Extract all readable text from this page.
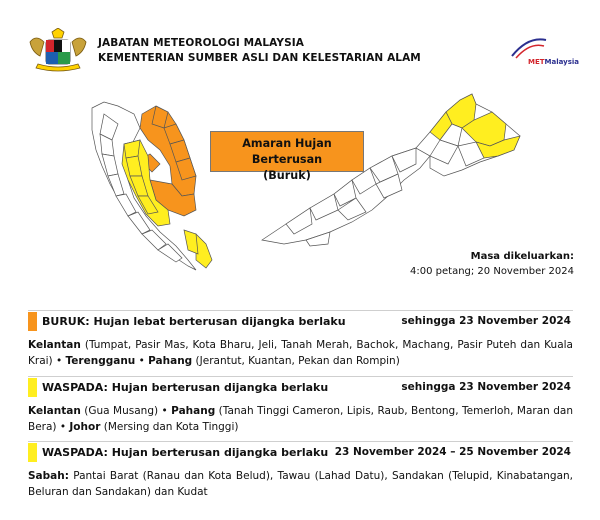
JABATAN METEOROLOGI MALAYSIA
KEMENTERIAN SUMBER ASLI DAN KELESTARIAN ALAM	METMalaysia
Amaran Hujan Berterusan
(Buruk)
Masa dikeluarkan:
4:00 petang; 20 November 2024
BURUK: Hujan lebat berterusan dijangka berlaku	sehingga 23 November 2024
Kelantan (Tumpat, Pasir Mas, Kota Bharu, Jeli, Tanah Merah, Bachok, Machang, Pasir Puteh dan Kuala Krai) • Terengganu • Pahang (Jerantut, Kuantan, Pekan dan Rompin)
WASPADA: Hujan berterusan dijangka berlaku	sehingga 23 November 2024
Kelantan (Gua Musang) • Pahang (Tanah Tinggi Cameron, Lipis, Raub, Bentong, Temerloh, Maran dan Bera) • Johor (Mersing dan Kota Tinggi)
WASPADA: Hujan berterusan dijangka berlaku 23 November 2024 – 25 November 2024
Sabah: Pantai Barat (Ranau dan Kota Belud), Tawau (Lahad Datu), Sandakan (Telupid, Kinabatangan, Beluran dan Sandakan) dan Kudat
